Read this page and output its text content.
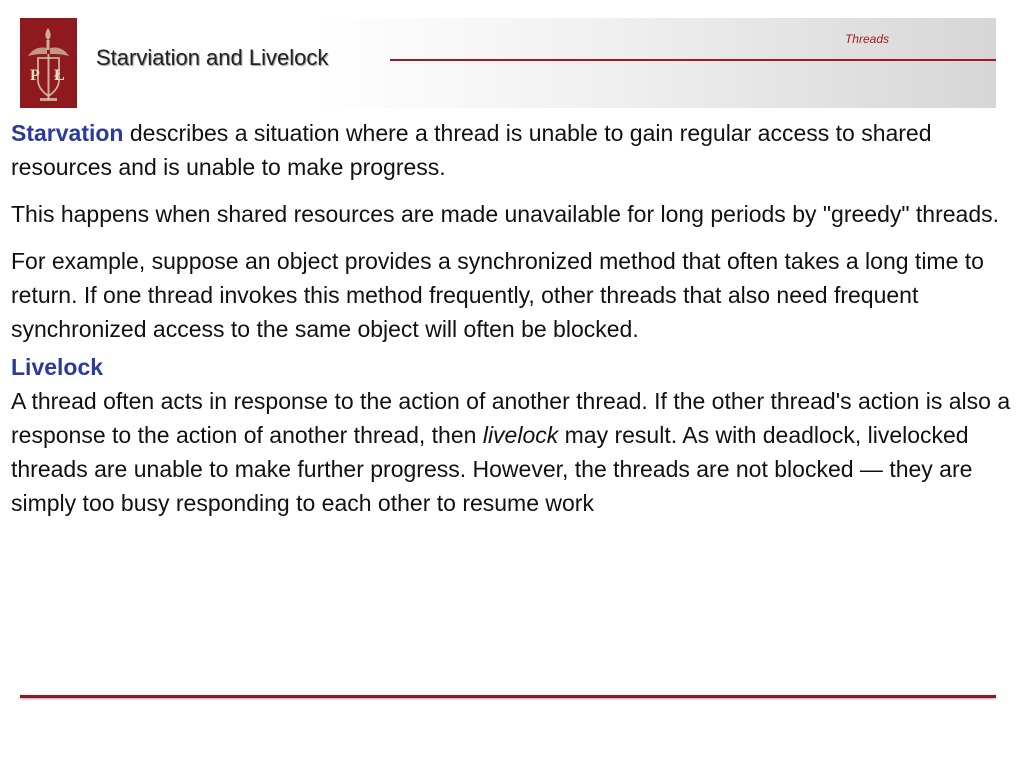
P Ł
Starviation and Livelock

Threads

Starvation describes a situation where a thread is unable to gain regular access to shared resources and is unable to make progress.

This happens when shared resources are made unavailable for long periods by "greedy" threads.

For example, suppose an object provides a synchronized method that often takes a long time to return. If one thread invokes this method frequently, other threads that also need frequent synchronized access to the same object will often be blocked.

Livelock
A thread often acts in response to the action of another thread. If the other thread's action is also a response to the action of another thread, then livelock may result. As with deadlock, livelocked threads are unable to make further progress. However, the threads are not blocked — they are simply too busy responding to each other to resume work
